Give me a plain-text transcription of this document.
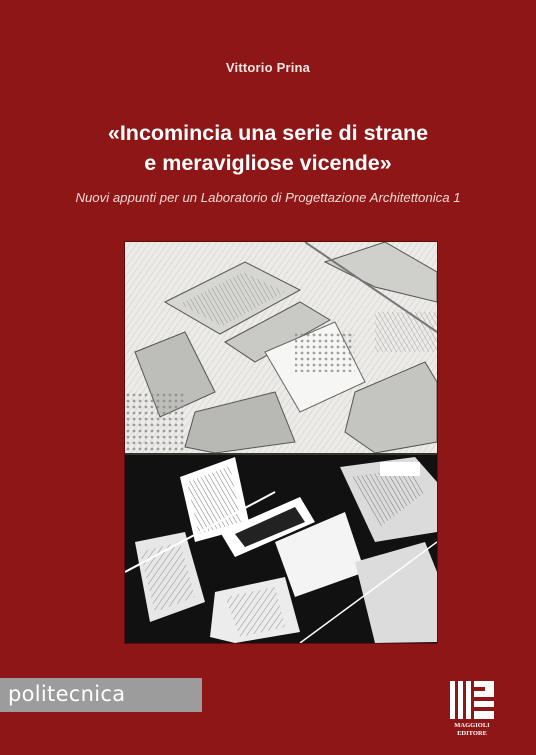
Vittorio Prina
«Incomincia una serie di strane
e meravigliose vicende»
Nuovi appunti per un Laboratorio di Progettazione Architettonica 1
politecnica
MAGGIOLI
EDITORE
